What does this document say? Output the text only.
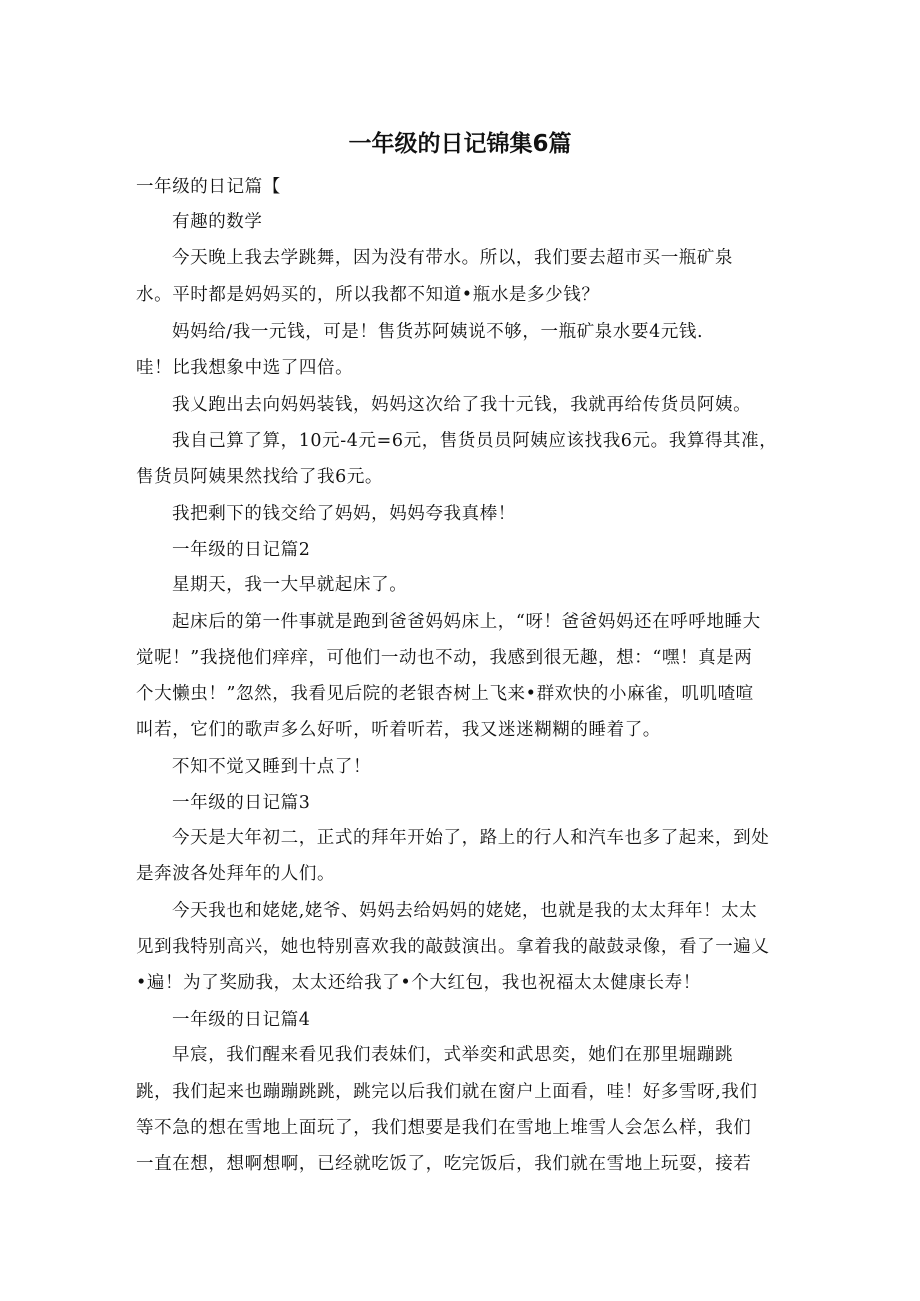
一年级的日记锦集6篇
一年级的日记篇【
有趣的数学
今天晚上我去学跳舞，因为没有带水。所以，我们要去超市买一瓶矿泉
水。平时都是妈妈买的，所以我都不知道•瓶水是多少钱？
妈妈给/我一元钱，可是！售货苏阿姨说不够，一瓶矿泉水要4元钱.
哇！比我想象中选了四倍。
我乂跑出去向妈妈装钱，妈妈这次给了我十元钱，我就再给传货员阿姨。
我自己算了算，10元-4元=6元，售货员员阿姨应该找我6元。我算得其准，
售货员阿姨果然找给了我6元。
我把剩下的钱交给了妈妈，妈妈夸我真棒！
一年级的日记篇2
星期天，我一大早就起床了。
起床后的第一件事就是跑到爸爸妈妈床上，“呀！爸爸妈妈还在呼呼地睡大
觉呢！”我挠他们痒痒，可他们一动也不动，我感到很无趣，想：“嘿！真是两
个大懒虫！”忽然，我看见后院的老银杏树上飞来•群欢快的小麻雀，叽叽喳喧
叫若，它们的歌声多么好听，听着听若，我又迷迷糊糊的睡着了。
不知不觉又睡到十点了！
一年级的日记篇3
今天是大年初二，正式的拜年开始了，路上的行人和汽车也多了起来，到处
是奔波各处拜年的人们。
今天我也和姥姥,姥爷、妈妈去给妈妈的姥姥，也就是我的太太拜年！太太
见到我特别高兴，她也特别喜欢我的敲鼓演出。拿着我的敲鼓录像，看了一遍乂
•遍！为了奖励我，太太还给我了•个大红包，我也祝福太太健康长寿！
一年级的日记篇4
早宸，我们醒来看见我们表妹们，式举奕和武思奕，她们在那里堀蹦跳
跳，我们起来也蹦蹦跳跳，跳完以后我们就在窗户上面看，哇！好多雪呀,我们
等不急的想在雪地上面玩了，我们想要是我们在雪地上堆雪人会怎么样，我们
一直在想，想啊想啊，已经就吃饭了，吃完饭后，我们就在雪地上玩耍，接若
